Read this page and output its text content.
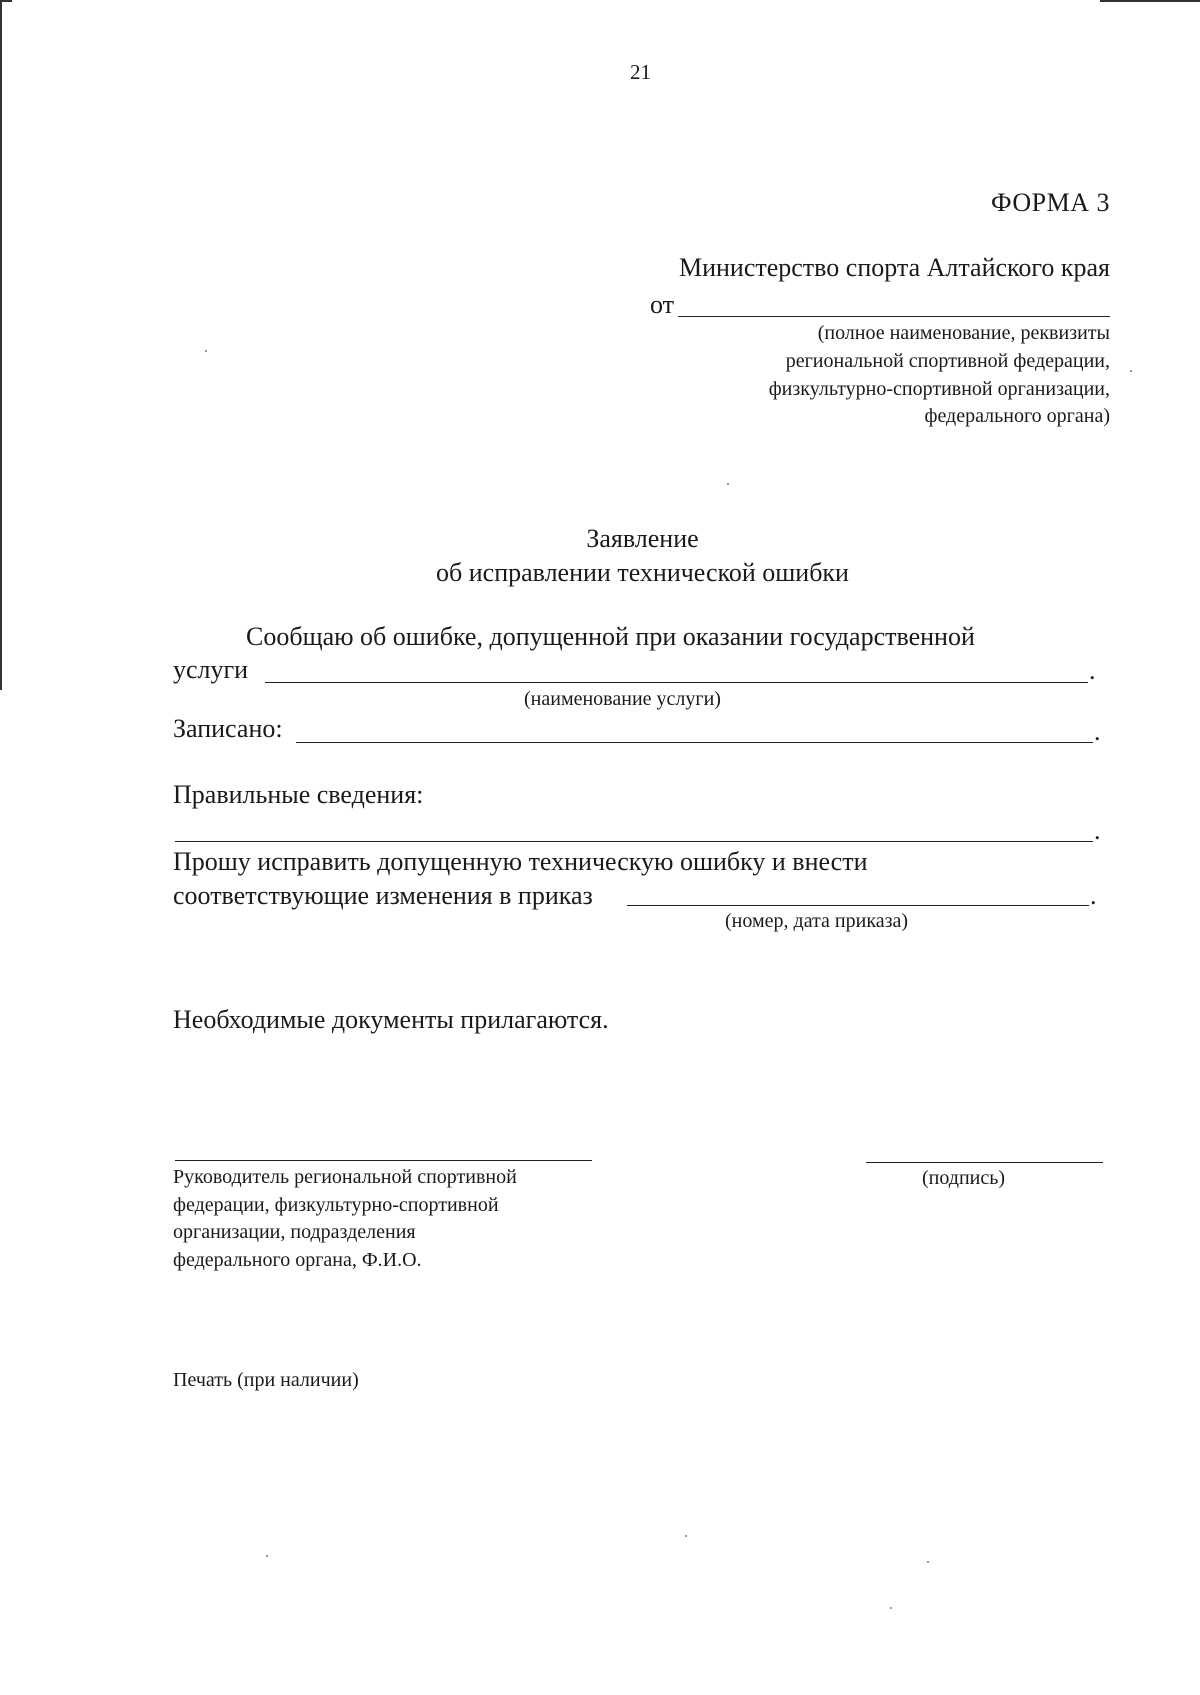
21
ФОРМА 3
Министерство спорта Алтайского края
от
(полное наименование, реквизиты
региональной спортивной федерации,
физкультурно-спортивной организации,
федерального органа)
Заявление
об исправлении технической ошибки
Сообщаю об ошибке, допущенной при оказании государственной
услуги	.
(наименование услуги)
Записано:	.
Правильные сведения:
.
Прошу исправить допущенную техническую ошибку и внести
соответствующие изменения в приказ	.
(номер, дата приказа)
Необходимые документы прилагаются.
Руководитель региональной спортивной
федерации, физкультурно-спортивной
организации, подразделения
федерального органа, Ф.И.О.
(подпись)
Печать (при наличии)
